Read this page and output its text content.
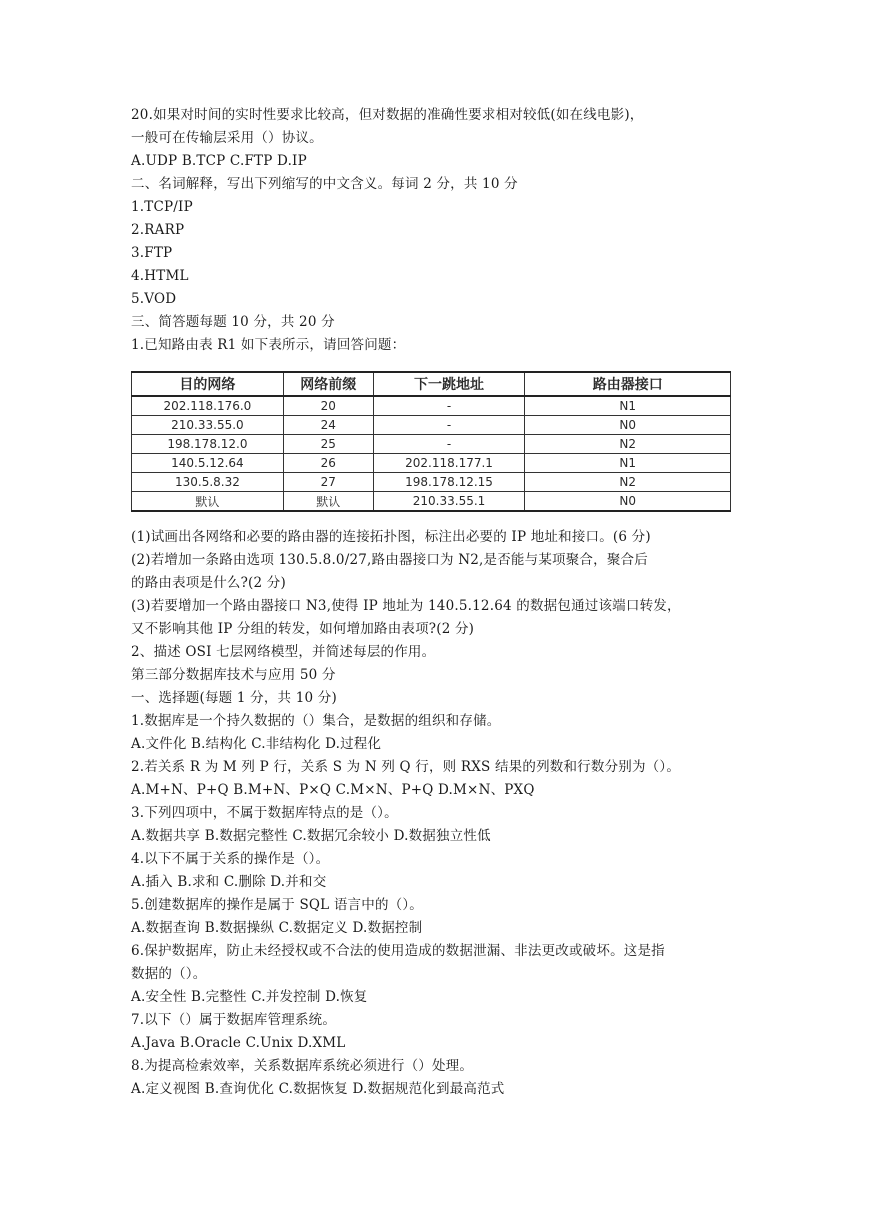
20.如果对时间的实时性要求比较高，但对数据的准确性要求相对较低(如在线电影)，
一般可在传输层采用（）协议。
A.UDP B.TCP C.FTP D.IP
二、名词解释，写出下列缩写的中文含义。每词 2 分，共 10 分
1.TCP/IP
2.RARP
3.FTP
4.HTML
5.VOD
三、简答题每题 10 分，共 20 分
1.已知路由表 R1 如下表所示，请回答问题：
目的网络	网络前缀	下一跳地址	路由器接口
202.118.176.0	20	-	N1
210.33.55.0	24	-	N0
198.178.12.0	25	-	N2
140.5.12.64	26	202.118.177.1	N1
130.5.8.32	27	198.178.12.15	N2
默认	默认	210.33.55.1	N0
(1)试画出各网络和必要的路由器的连接拓扑图，标注出必要的 IP 地址和接口。(6 分)
(2)若增加一条路由选项 130.5.8.0/27,路由器接口为 N2,是否能与某项聚合，聚合后
的路由表项是什么?(2 分)
(3)若要增加一个路由器接口 N3,使得 IP 地址为 140.5.12.64 的数据包通过该端口转发，
又不影响其他 IP 分组的转发，如何增加路由表项?(2 分)
2、描述 OSI 七层网络模型，并简述每层的作用。
第三部分数据库技术与应用 50 分
一、选择题(每题 1 分，共 10 分)
1.数据库是一个持久数据的（）集合，是数据的组织和存储。
A.文件化 B.结构化 C.非结构化 D.过程化
2.若关系 R 为 M 列 P 行，关系 S 为 N 列 Q 行，则 RXS 结果的列数和行数分别为（）。
A.M+N、P+Q B.M+N、P×Q C.M×N、P+Q D.M×N、PXQ
3.下列四项中，不属于数据库特点的是（）。
A.数据共享 B.数据完整性 C.数据冗余较小 D.数据独立性低
4.以下不属于关系的操作是（）。
A.插入 B.求和 C.删除 D.并和交
5.创建数据库的操作是属于 SQL 语言中的（）。
A.数据查询 B.数据操纵 C.数据定义 D.数据控制
6.保护数据库，防止未经授权或不合法的使用造成的数据泄漏、非法更改或破坏。这是指
数据的（）。
A.安全性 B.完整性 C.并发控制 D.恢复
7.以下（）属于数据库管理系统。
A.Java B.Oracle C.Unix D.XML
8.为提高检索效率，关系数据库系统必须进行（）处理。
A.定义视图 B.查询优化 C.数据恢复 D.数据规范化到最高范式
